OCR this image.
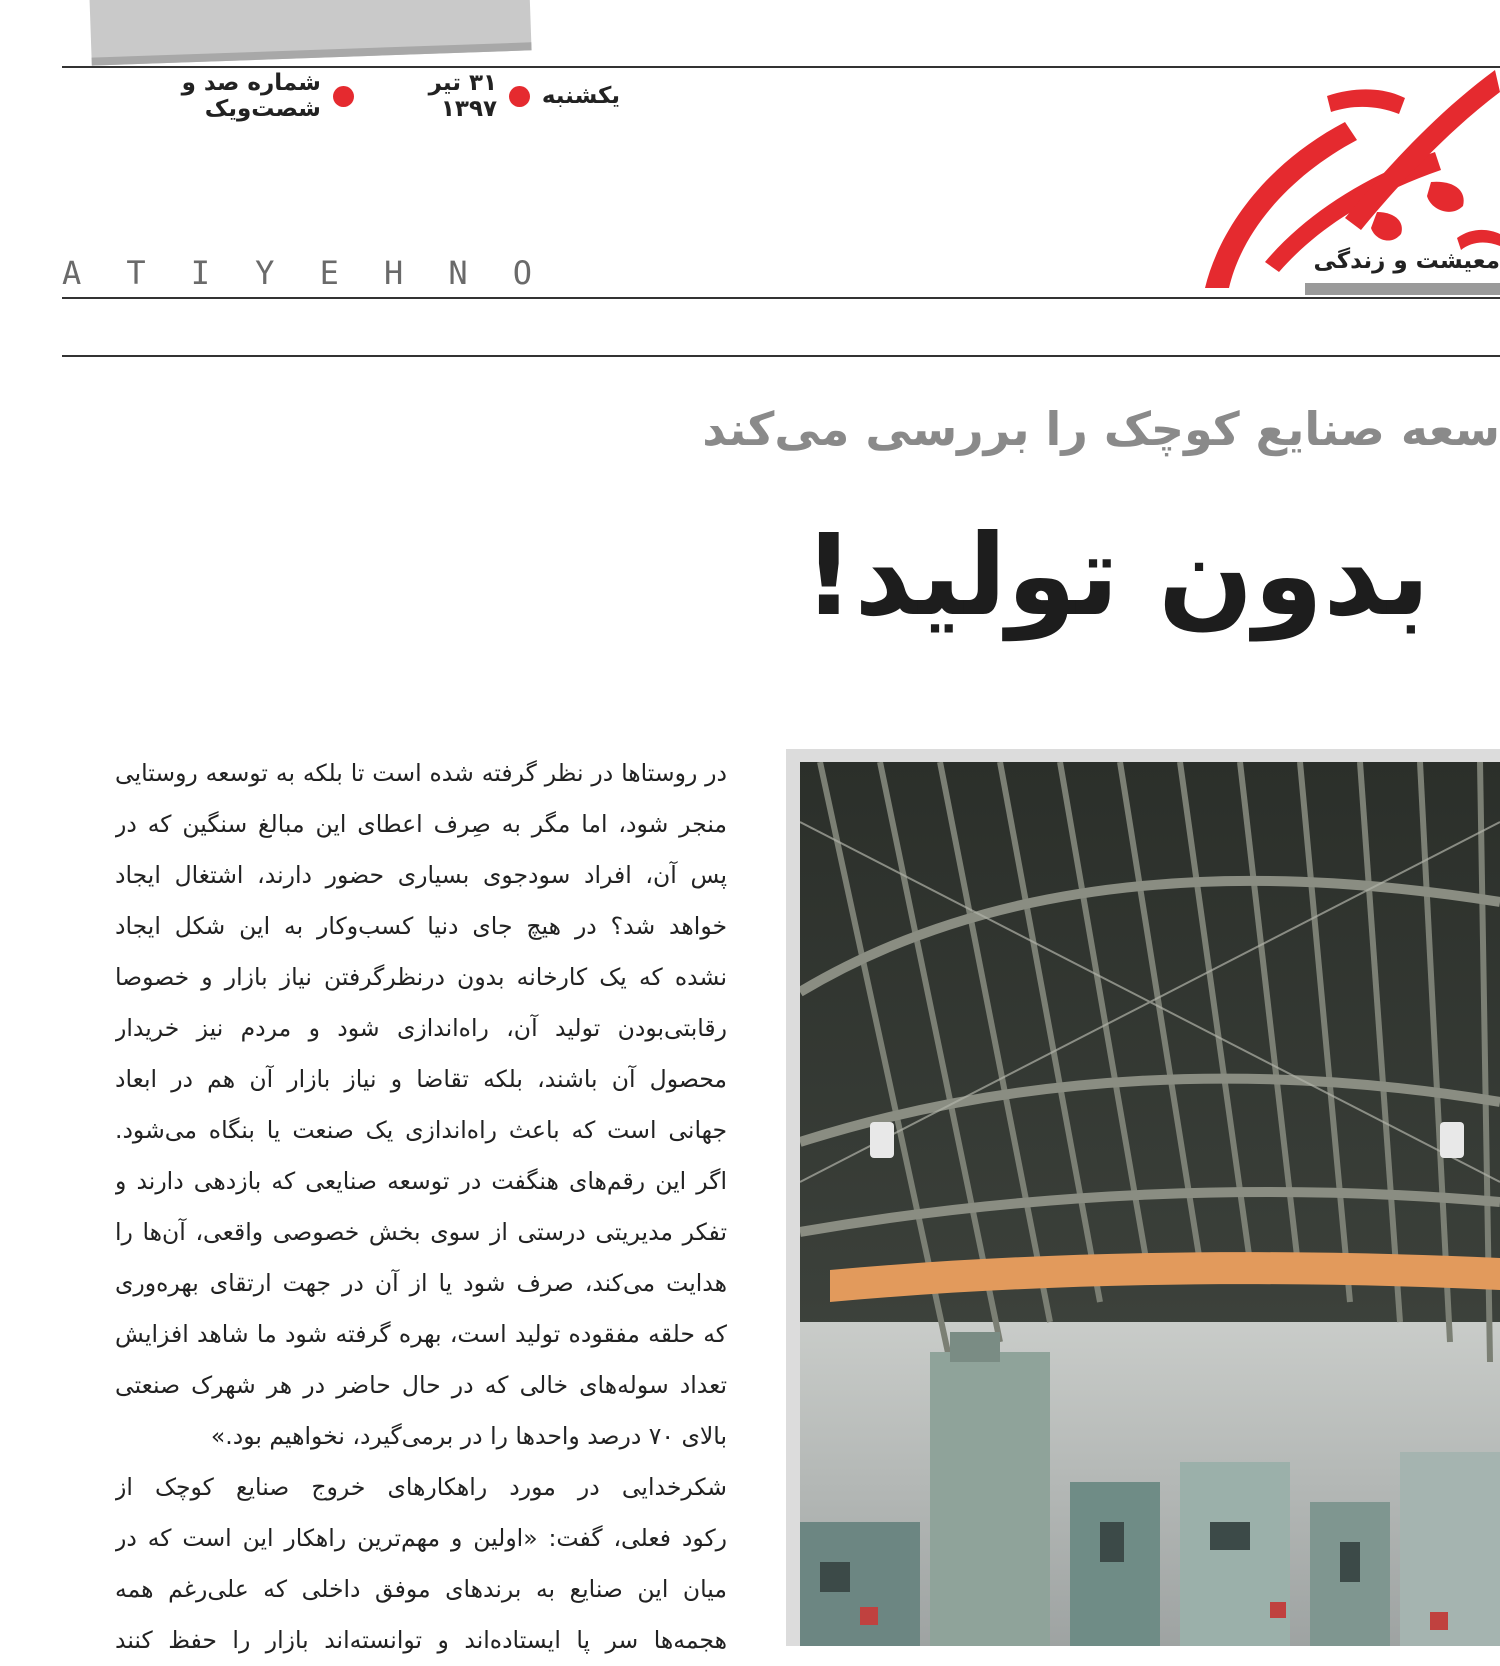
یکشنبه
۳۱ تیر ۱۳۹۷
شماره صد و شصت‌ویک
معیشت و زندگی
A T I Y E H N O
سعه صنایع کوچک را بررسی می‌کند
بدون تولید!
در روستاها در نظر گرفته شده است تا بلکه به توسعه روستایی
منجر شود، اما مگر به صِرف اعطای این مبالغ سنگین که در
پس آن، افراد سودجوی بسیاری حضور دارند، اشتغال ایجاد
خواهد شد؟ در هیچ جای دنیا کسب‌وکار به این شکل ایجاد
نشده که یک کارخانه بدون درنظرگرفتن نیاز بازار و خصوصا
رقابتی‌بودن تولید آن، راه‌اندازی شود و مردم نیز خریدار
محصول آن باشند، بلکه تقاضا و نیاز بازار آن هم در ابعاد
جهانی است که باعث راه‌اندازی یک صنعت یا بنگاه می‌شود.
اگر این رقم‌های هنگفت در توسعه صنایعی که بازدهی دارند و
تفکر مدیریتی درستی از سوی بخش خصوصی واقعی، آن‌ها را
هدایت می‌کند، صرف شود یا از آن در جهت ارتقای بهره‌وری
که حلقه مفقوده تولید است، بهره گرفته شود ما شاهد افزایش
تعداد سوله‌های خالی که در حال حاضر در هر شهرک صنعتی
بالای ۷۰ درصد واحدها را در برمی‌گیرد، نخواهیم بود.»
شکرخدایی در مورد راهکارهای خروج صنایع کوچک از
رکود فعلی، گفت: «اولین و مهم‌ترین راهکار این است که در
میان این صنایع به برندهای موفق داخلی که علی‌رغم همه
هجمه‌ها سر پا ایستاده‌اند و توانسته‌اند بازار را حفظ کنند
